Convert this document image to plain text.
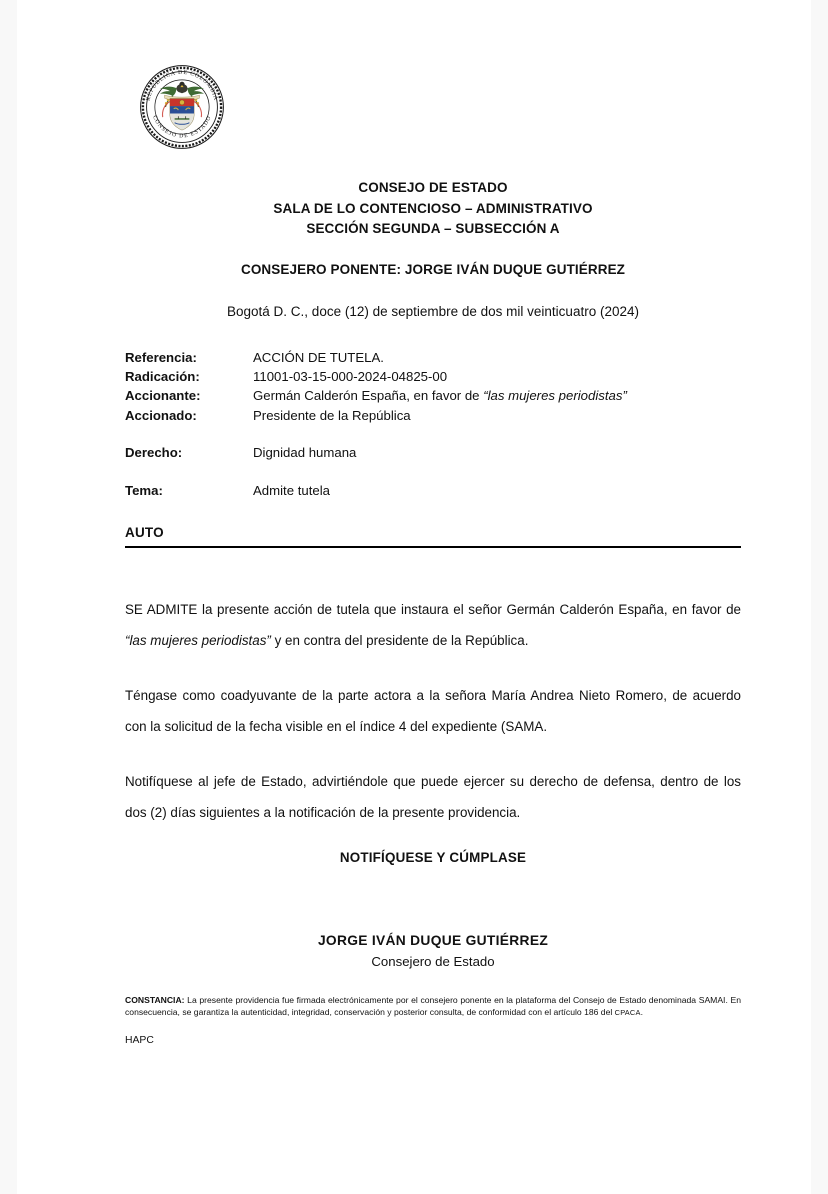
REPÚBLICA DE COLOMBIA
CONSEJO DE ESTADO
CONSEJO DE ESTADO
SALA DE LO CONTENCIOSO – ADMINISTRATIVO
SECCIÓN SEGUNDA – SUBSECCIÓN A
CONSEJERO PONENTE: JORGE IVÁN DUQUE GUTIÉRREZ
Bogotá D. C., doce (12) de septiembre de dos mil veinticuatro (2024)
Referencia:	ACCIÓN DE TUTELA.
Radicación:	11001-03-15-000-2024-04825-00
Accionante:	Germán Calderón España, en favor de “las mujeres periodistas”
Accionado:	Presidente de la República

Derecho:	Dignidad humana

Tema:	Admite tutela
AUTO

SE ADMITE la presente acción de tutela que instaura el señor Germán Calderón España, en favor de “las mujeres periodistas” y en contra del presidente de la República.

Téngase como coadyuvante de la parte actora a la señora María Andrea Nieto Romero, de acuerdo con la solicitud de la fecha visible en el índice 4 del expediente (SAMA.

Notifíquese al jefe de Estado, advirtiéndole que puede ejercer su derecho de defensa, dentro de los dos (2) días siguientes a la notificación de la presente providencia.

NOTIFÍQUESE Y CÚMPLASE
JORGE IVÁN DUQUE GUTIÉRREZ
Consejero de Estado
CONSTANCIA: La presente providencia fue firmada electrónicamente por el consejero ponente en la plataforma del Consejo de Estado denominada SAMAI. En consecuencia, se garantiza la autenticidad, integridad, conservación y posterior consulta, de conformidad con el artículo 186 del CPACA.
HAPC
